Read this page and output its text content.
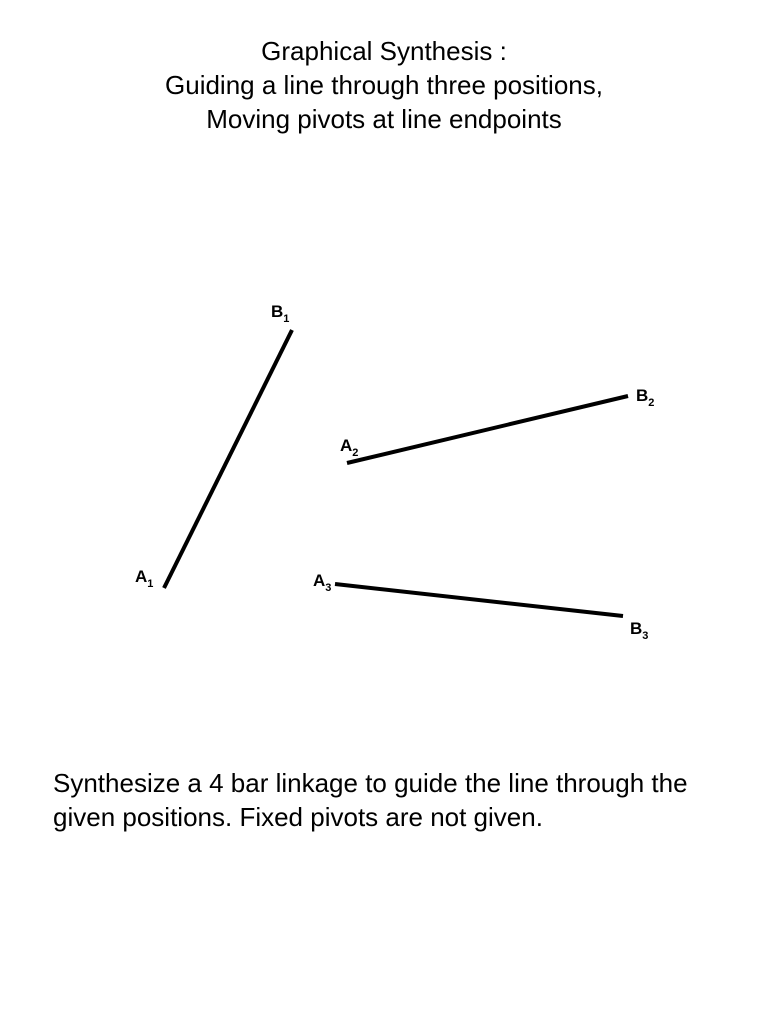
Graphical Synthesis :
Guiding a line through three positions,
Moving pivots at line endpoints
$A_1$
$B_1$
$A_2$
$B_2$
$A_3$
$B_3$
Synthesize a 4 bar linkage to guide the line through the given positions. Fixed pivots are not given.
